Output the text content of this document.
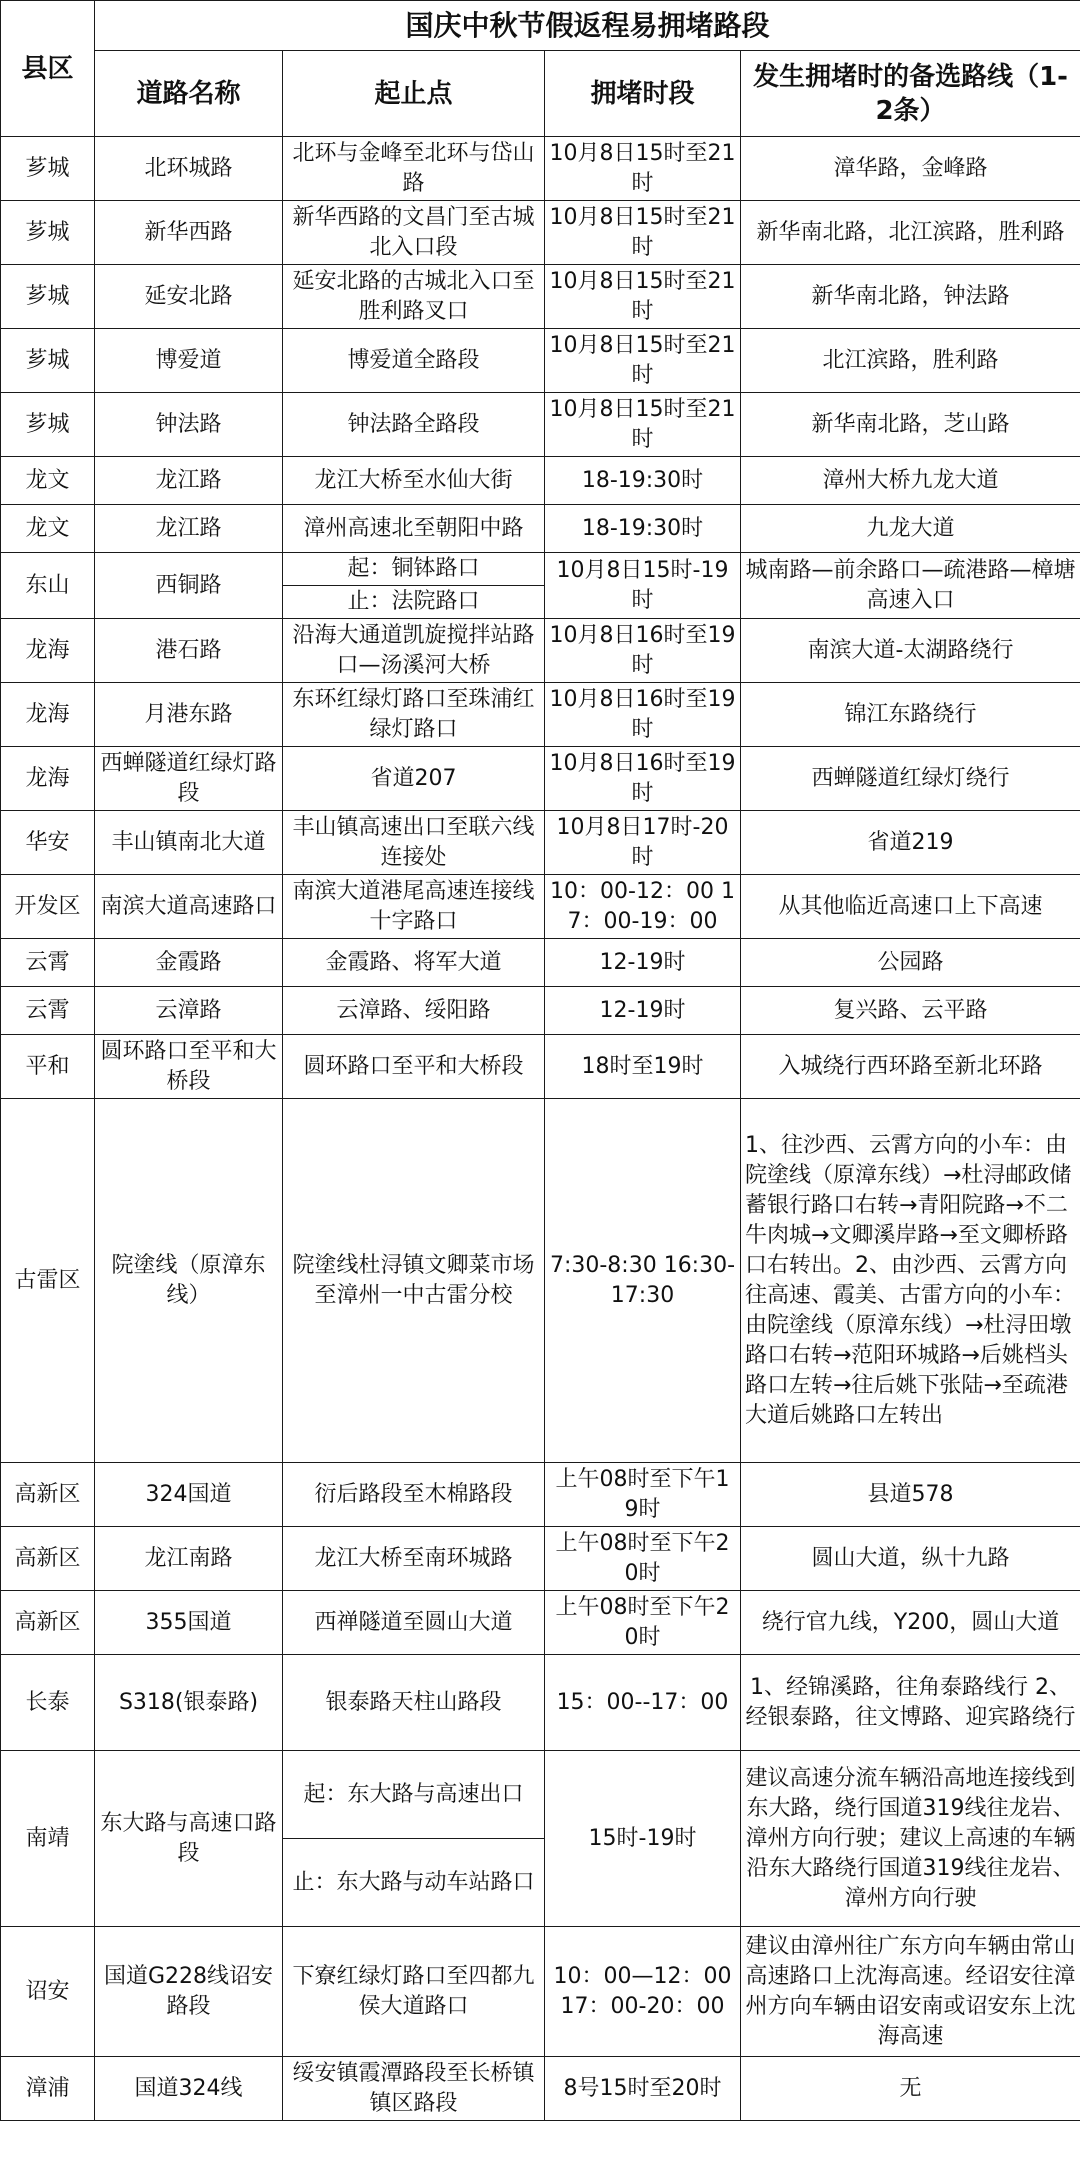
县区	国庆中秋节假返程易拥堵路段			
	道路名称	起止点	拥堵时段	发生拥堵时的备选路线（1-2条）
芗城	北环城路	北环与金峰至北环与岱山路	10月8日15时至21时	漳华路，金峰路
芗城	新华西路	新华西路的文昌门至古城北入口段	10月8日15时至21时	新华南北路，北江滨路，胜利路
芗城	延安北路	延安北路的古城北入口至胜利路叉口	10月8日15时至21时	新华南北路，钟法路
芗城	博爱道	博爱道全路段	10月8日15时至21时	北江滨路，胜利路
芗城	钟法路	钟法路全路段	10月8日15时至21时	新华南北路，芝山路
龙文	龙江路	龙江大桥至水仙大街	18-19:30时	漳州大桥九龙大道
龙文	龙江路	漳州高速北至朝阳中路	18-19:30时	九龙大道
东山	西铜路	起：铜钵路口	10月8日15时-19时	城南路—前余路口—疏港路—樟塘高速入口
		止：法院路口		
龙海	港石路	沿海大通道凯旋搅拌站路口—汤溪河大桥	10月8日16时至19时	南滨大道-太湖路绕行
龙海	月港东路	东环红绿灯路口至珠浦红绿灯路口	10月8日16时至19时	锦江东路绕行
龙海	西蝉隧道红绿灯路段	省道207	10月8日16时至19时	西蝉隧道红绿灯绕行
华安	丰山镇南北大道	丰山镇高速出口至联六线连接处	10月8日17时-20时	省道219
开发区	南滨大道高速路口	南滨大道港尾高速连接线十字路口	10：00-12：00 17：00-19：00	从其他临近高速口上下高速
云霄	金霞路	金霞路、将军大道	12-19时	公园路
云霄	云漳路	云漳路、绥阳路	12-19时	复兴路、云平路
平和	圆环路口至平和大桥段	圆环路口至平和大桥段	18时至19时	入城绕行西环路至新北环路
古雷区	院塗线（原漳东线）	院塗线杜浔镇文卿菜市场至漳州一中古雷分校	7:30-8:30 16:30-17:30	1、往沙西、云霄方向的小车：由院塗线（原漳东线）→杜浔邮政储蓄银行路口右转→青阳院路→不二牛肉城→文卿溪岸路→至文卿桥路口右转出。2、由沙西、云霄方向往高速、霞美、古雷方向的小车：由院塗线（原漳东线）→杜浔田墩路口右转→范阳环城路→后姚档头路口左转→往后姚下张陆→至疏港大道后姚路口左转出
高新区	324国道	衍后路段至木棉路段	上午08时至下午19时	县道578
高新区	龙江南路	龙江大桥至南环城路	上午08时至下午20时	圆山大道，纵十九路
高新区	355国道	西禅隧道至圆山大道	上午08时至下午20时	绕行官九线，Y200，圆山大道
长泰	S318(银泰路)	银泰路天柱山路段	15：00--17：00	1、经锦溪路，往角泰路线行 2、经银泰路，往文博路、迎宾路绕行
南靖	东大路与高速口路段	起：东大路与高速出口	15时-19时	建议高速分流车辆沿高地连接线到东大路，绕行国道319线往龙岩、漳州方向行驶；建议上高速的车辆沿东大路绕行国道319线往龙岩、漳州方向行驶
		止：东大路与动车站路口		
诏安	国道G228线诏安路段	下寮红绿灯路口至四都九侯大道路口	10：00—12：00 17：00-20：00	建议由漳州往广东方向车辆由常山高速路口上沈海高速。经诏安往漳州方向车辆由诏安南或诏安东上沈海高速
漳浦	国道324线	绥安镇霞潭路段至长桥镇镇区路段	8号15时至20时	无
